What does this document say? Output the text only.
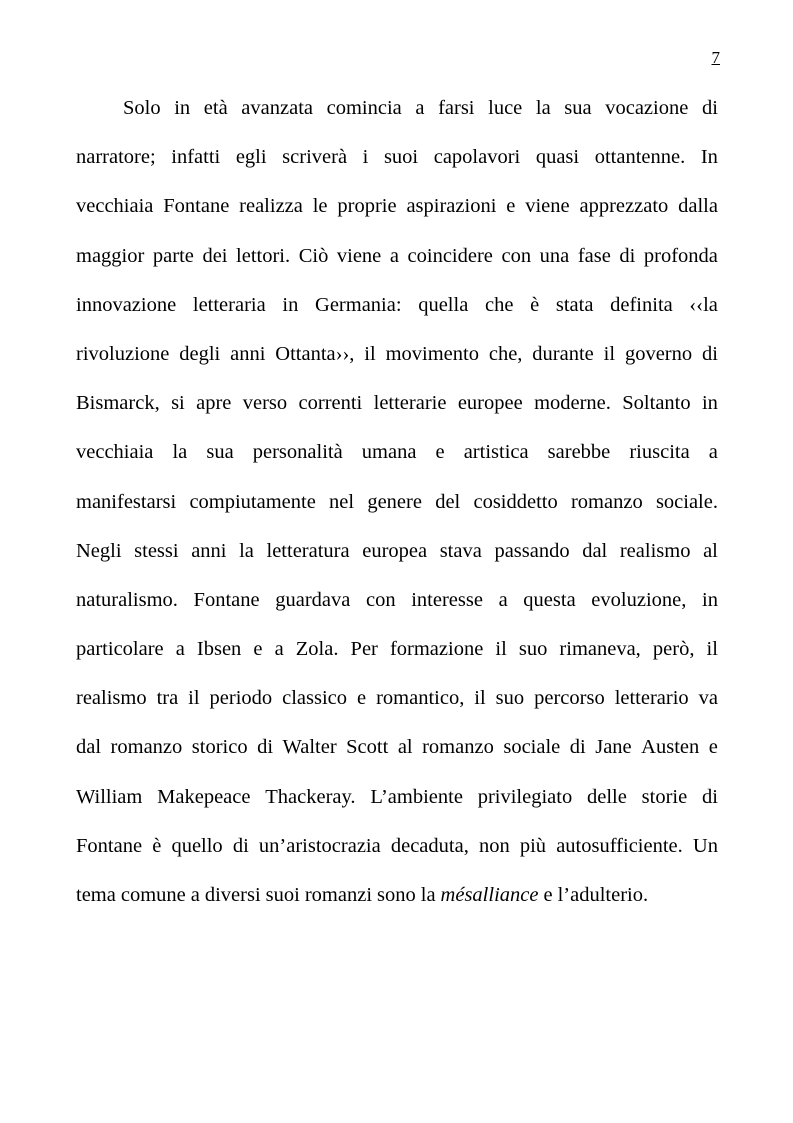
7
Solo in età avanzata comincia a farsi luce la sua vocazione di
narratore; infatti egli scriverà i suoi capolavori quasi ottantenne. In
vecchiaia Fontane realizza le proprie aspirazioni e viene apprezzato dalla
maggior parte dei lettori. Ciò viene a coincidere con una fase di profonda
innovazione letteraria in Germania: quella che è stata definita ‹‹la
rivoluzione degli anni Ottanta››, il movimento che, durante il governo di
Bismarck, si apre verso correnti letterarie europee moderne. Soltanto in
vecchiaia la sua personalità umana e artistica sarebbe riuscita a
manifestarsi compiutamente nel genere del cosiddetto romanzo sociale.
Negli stessi anni la letteratura europea stava passando dal realismo al
naturalismo. Fontane guardava con interesse a questa evoluzione, in
particolare a Ibsen e a Zola. Per formazione il suo rimaneva, però, il
realismo tra il periodo classico e romantico, il suo percorso letterario va
dal romanzo storico di Walter Scott al romanzo sociale di Jane Austen e
William Makepeace Thackeray. L’ambiente privilegiato delle storie di
Fontane è quello di un’aristocrazia decaduta, non più autosufficiente. Un
tema comune a diversi suoi romanzi sono la mésalliance e l’adulterio.
